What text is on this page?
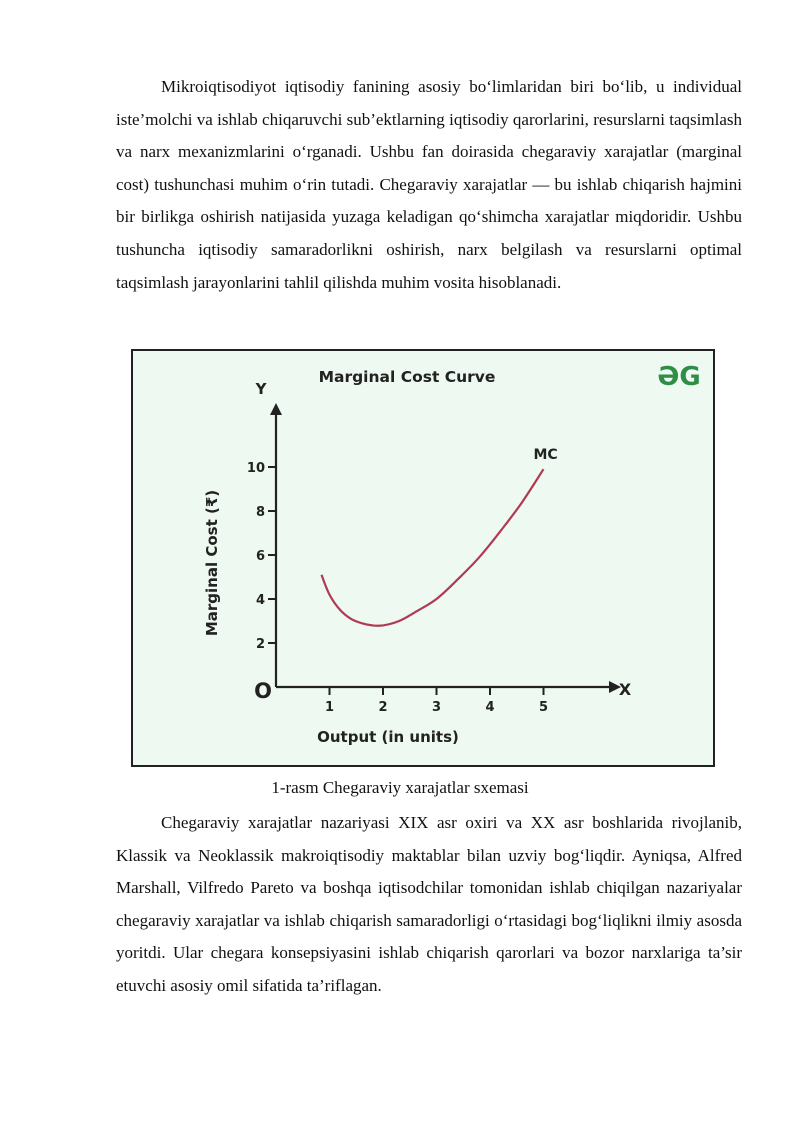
Mikroiqtisodiyot iqtisodiy fanining asosiy bo‘limlaridan biri bo‘lib, u individual iste’molchi va ishlab chiqaruvchi sub’ektlarning iqtisodiy qarorlarini, resurslarni taqsimlash va narx mexanizmlarini o‘rganadi. Ushbu fan doirasida chegaraviy xarajatlar (marginal cost) tushunchasi muhim o‘rin tutadi. Chegaraviy xarajatlar — bu ishlab chiqarish hajmini bir birlikga oshirish natijasida yuzaga keladigan qo‘shimcha xarajatlar miqdoridir. Ushbu tushuncha iqtisodiy samaradorlikni oshirish, narx belgilash va resurslarni optimal taqsimlash jarayonlarini tahlil qilishda muhim vosita hisoblanadi.

Marginal Cost Curve	ƏG
Y
X
O
1	2	3	4	5
2
4
6
8
10
Output (in units)
Marginal Cost (₹)
MC
1-rasm Chegaraviy xarajatlar sxemasi

Chegaraviy xarajatlar nazariyasi XIX asr oxiri va XX asr boshlarida rivojlanib, Klassik va Neoklassik makroiqtisodiy maktablar bilan uzviy bog‘liqdir. Ayniqsa, Alfred Marshall, Vilfredo Pareto va boshqa iqtisodchilar tomonidan ishlab chiqilgan nazariyalar chegaraviy xarajatlar va ishlab chiqarish samaradorligi o‘rtasidagi bog‘liqlikni ilmiy asosda yoritdi. Ular chegara konsepsiyasini ishlab chiqarish qarorlari va bozor narxlariga ta’sir etuvchi asosiy omil sifatida ta’riflagan.
